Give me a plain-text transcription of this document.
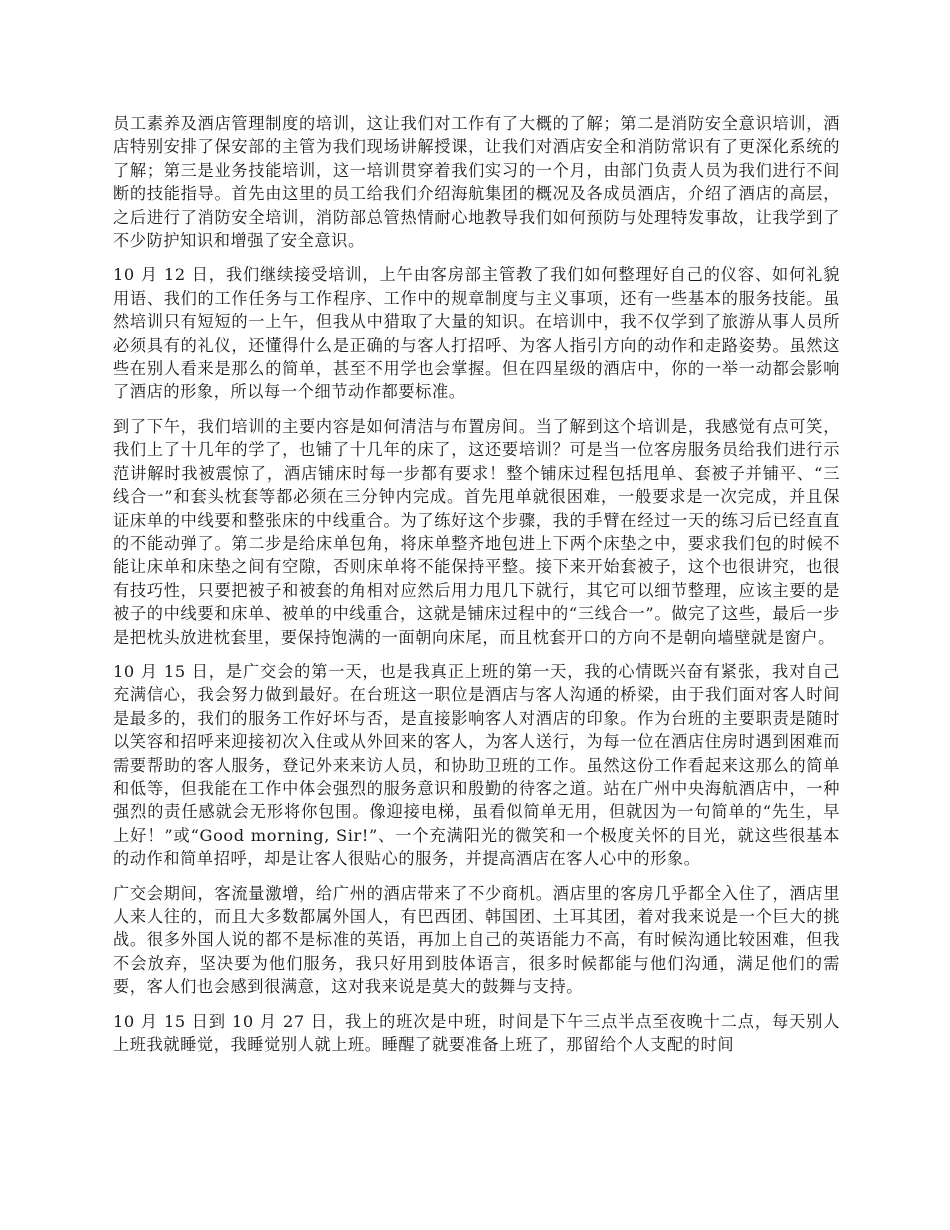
员工素养及酒店管理制度的培训，这让我们对工作有了大概的了解；第二是消防安全意识培训，酒店特别安排了保安部的主管为我们现场讲解授课，让我们对酒店安全和消防常识有了更深化系统的了解；第三是业务技能培训，这一培训贯穿着我们实习的一个月，由部门负责人员为我们进行不间断的技能指导。首先由这里的员工给我们介绍海航集团的概况及各成员酒店，介绍了酒店的高层，之后进行了消防安全培训，消防部总管热情耐心地教导我们如何预防与处理特发事故，让我学到了不少防护知识和增强了安全意识。

10 月 12 日，我们继续接受培训，上午由客房部主管教了我们如何整理好自己的仪容、如何礼貌用语、我们的工作任务与工作程序、工作中的规章制度与主义事项，还有一些基本的服务技能。虽然培训只有短短的一上午，但我从中猎取了大量的知识。在培训中，我不仅学到了旅游从事人员所必须具有的礼仪，还懂得什么是正确的与客人打招呼、为客人指引方向的动作和走路姿势。虽然这些在别人看来是那么的简单，甚至不用学也会掌握。但在四星级的酒店中，你的一举一动都会影响了酒店的形象，所以每一个细节动作都要标准。

到了下午，我们培训的主要内容是如何清洁与布置房间。当了解到这个培训是，我感觉有点可笑，我们上了十几年的学了，也铺了十几年的床了，这还要培训？可是当一位客房服务员给我们进行示范讲解时我被震惊了，酒店铺床时每一步都有要求！整个铺床过程包括甩单、套被子并铺平、“三线合一”和套头枕套等都必须在三分钟内完成。首先甩单就很困难，一般要求是一次完成，并且保证床单的中线要和整张床的中线重合。为了练好这个步骤，我的手臂在经过一天的练习后已经直直的不能动弹了。第二步是给床单包角，将床单整齐地包进上下两个床垫之中，要求我们包的时候不能让床单和床垫之间有空隙，否则床单将不能保持平整。接下来开始套被子，这个也很讲究，也很有技巧性，只要把被子和被套的角相对应然后用力甩几下就行，其它可以细节整理，应该主要的是被子的中线要和床单、被单的中线重合，这就是铺床过程中的“三线合一”。做完了这些，最后一步是把枕头放进枕套里，要保持饱满的一面朝向床尾，而且枕套开口的方向不是朝向墙壁就是窗户。

10 月 15 日，是广交会的第一天，也是我真正上班的第一天，我的心情既兴奋有紧张，我对自己充满信心，我会努力做到最好。在台班这一职位是酒店与客人沟通的桥梁，由于我们面对客人时间是最多的，我们的服务工作好坏与否，是直接影响客人对酒店的印象。作为台班的主要职责是随时以笑容和招呼来迎接初次入住或从外回来的客人，为客人送行，为每一位在酒店住房时遇到困难而需要帮助的客人服务，登记外来来访人员，和协助卫班的工作。虽然这份工作看起来这那么的简单和低等，但我能在工作中体会强烈的服务意识和殷勤的待客之道。站在广州中央海航酒店中，一种强烈的责任感就会无形将你包围。像迎接电梯，虽看似简单无用，但就因为一句简单的“先生，早上好！”或“Good morning, Sir!”、一个充满阳光的微笑和一个极度关怀的目光，就这些很基本的动作和简单招呼，却是让客人很贴心的服务，并提高酒店在客人心中的形象。

广交会期间，客流量激增，给广州的酒店带来了不少商机。酒店里的客房几乎都全入住了，酒店里人来人往的，而且大多数都属外国人，有巴西团、韩国团、土耳其团，着对我来说是一个巨大的挑战。很多外国人说的都不是标准的英语，再加上自己的英语能力不高，有时候沟通比较困难，但我不会放弃，坚决要为他们服务，我只好用到肢体语言，很多时候都能与他们沟通，满足他们的需要，客人们也会感到很满意，这对我来说是莫大的鼓舞与支持。

10 月 15 日到 10 月 27 日，我上的班次是中班，时间是下午三点半点至夜晚十二点，每天别人上班我就睡觉，我睡觉别人就上班。睡醒了就要准备上班了，那留给个人支配的时间
